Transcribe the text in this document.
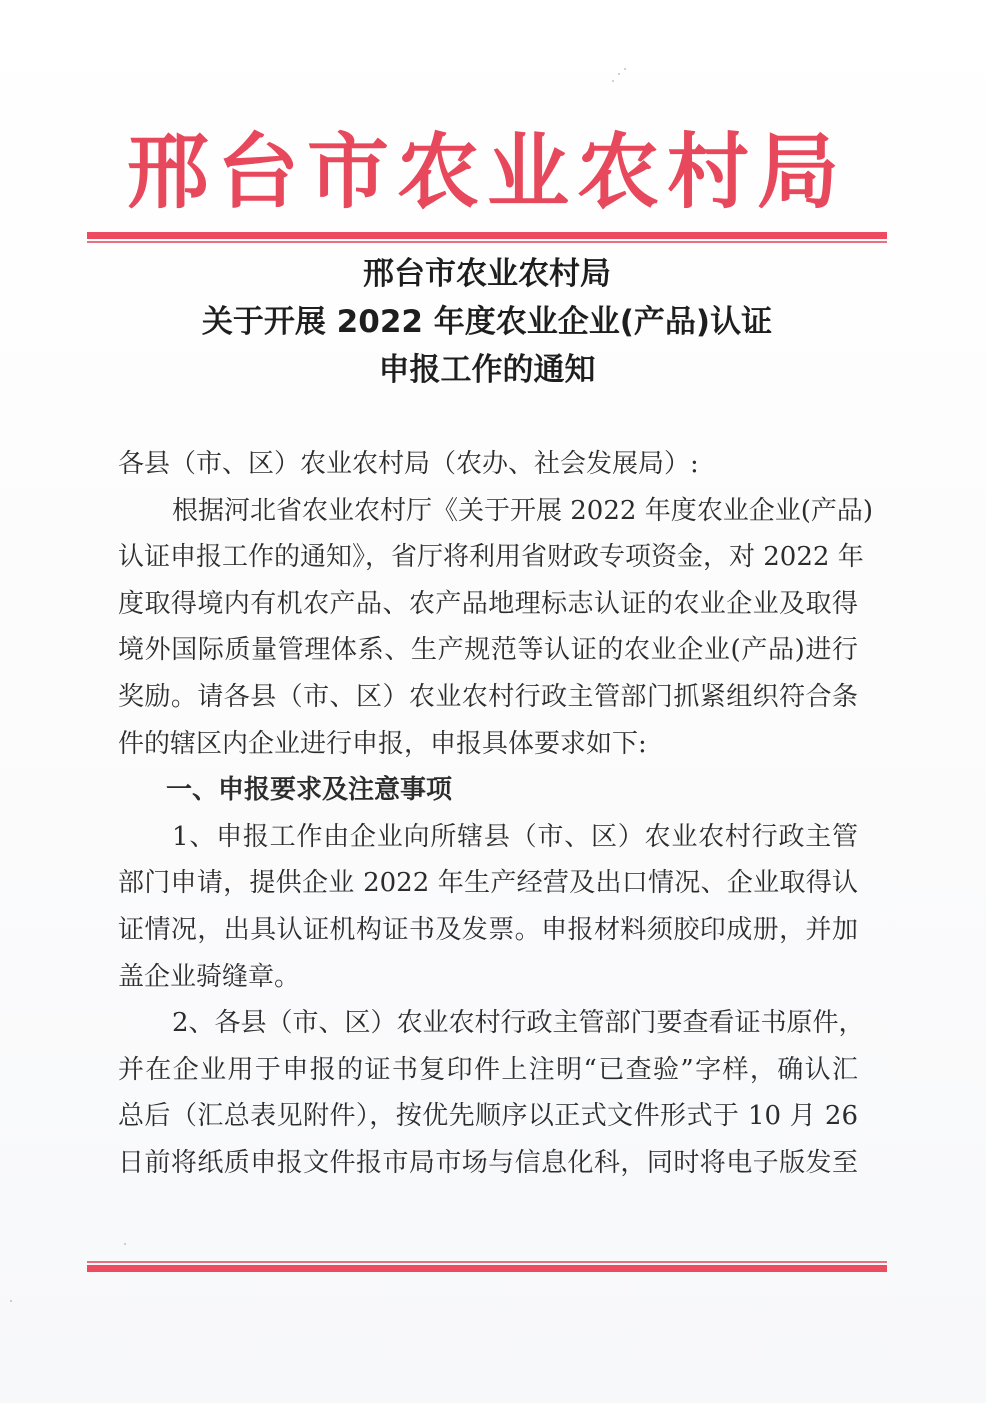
邢台市农业农村局
邢台市农业农村局
关于开展 2022 年度农业企业(产品)认证
申报工作的通知
各县（市、区）农业农村局（农办、社会发展局）:
根据河北省农业农村厅《关于开展 2022 年度农业企业(产品)
认证申报工作的通知》，省厅将利用省财政专项资金，对 2022 年
度取得境内有机农产品、农产品地理标志认证的农业企业及取得
境外国际质量管理体系、生产规范等认证的农业企业(产品)进行
奖励。请各县（市、区）农业农村行政主管部门抓紧组织符合条
件的辖区内企业进行申报，申报具体要求如下:
一、申报要求及注意事项
1、申报工作由企业向所辖县（市、区）农业农村行政主管
部门申请，提供企业 2022 年生产经营及出口情况、企业取得认
证情况，出具认证机构证书及发票。申报材料须胶印成册，并加
盖企业骑缝章。
2、各县（市、区）农业农村行政主管部门要查看证书原件，
并在企业用于申报的证书复印件上注明“已查验”字样，确认汇
总后（汇总表见附件），按优先顺序以正式文件形式于 10 月 26
日前将纸质申报文件报市局市场与信息化科，同时将电子版发至
